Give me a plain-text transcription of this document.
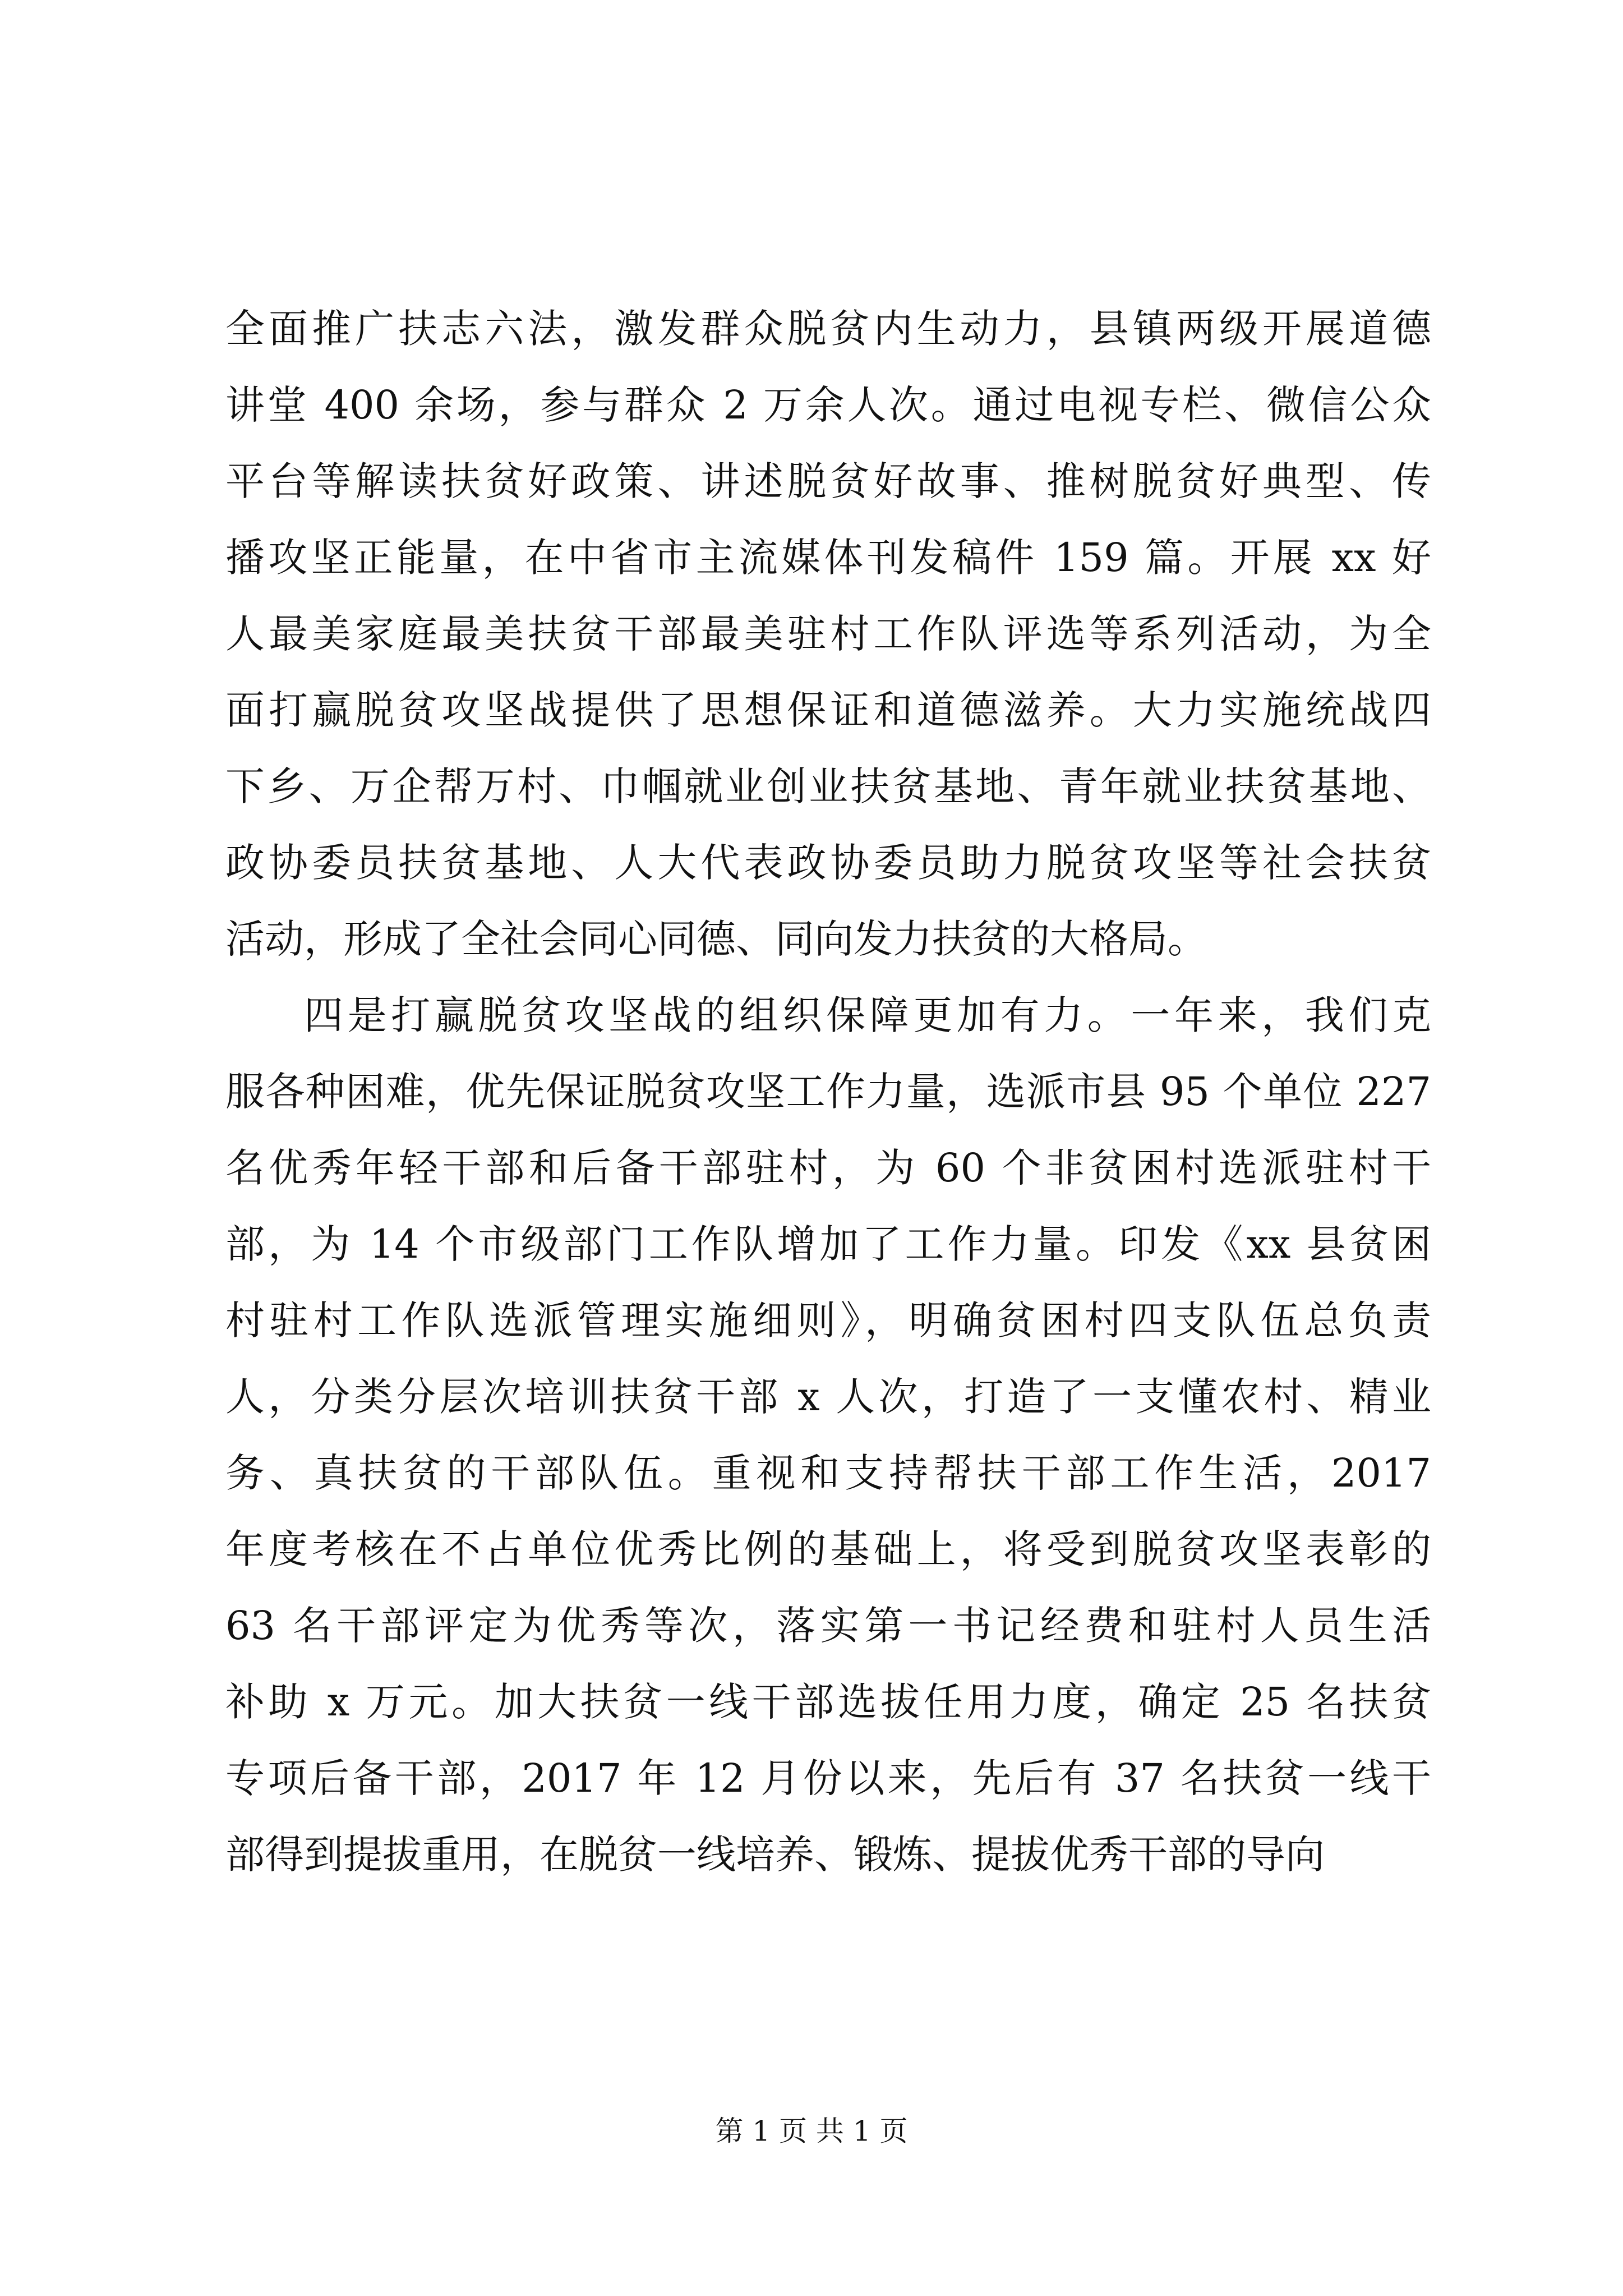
全面推广扶志六法，激发群众脱贫内生动力，县镇两级开展道德
讲堂 400 余场，参与群众 2 万余人次。通过电视专栏、微信公众
平台等解读扶贫好政策、讲述脱贫好故事、推树脱贫好典型、传
播攻坚正能量，在中省市主流媒体刊发稿件 159 篇。开展 xx 好
人最美家庭最美扶贫干部最美驻村工作队评选等系列活动，为全
面打赢脱贫攻坚战提供了思想保证和道德滋养。大力实施统战四
下乡、万企帮万村、巾帼就业创业扶贫基地、青年就业扶贫基地、
政协委员扶贫基地、人大代表政协委员助力脱贫攻坚等社会扶贫
活动，形成了全社会同心同德、同向发力扶贫的大格局。
四是打赢脱贫攻坚战的组织保障更加有力。一年来，我们克
服各种困难，优先保证脱贫攻坚工作力量，选派市县 95 个单位 227
名优秀年轻干部和后备干部驻村，为 60 个非贫困村选派驻村干
部，为 14 个市级部门工作队增加了工作力量。印发《xx 县贫困
村驻村工作队选派管理实施细则》，明确贫困村四支队伍总负责
人，分类分层次培训扶贫干部 x 人次，打造了一支懂农村、精业
务、真扶贫的干部队伍。重视和支持帮扶干部工作生活，2017
年度考核在不占单位优秀比例的基础上，将受到脱贫攻坚表彰的
63 名干部评定为优秀等次，落实第一书记经费和驻村人员生活
补助 x 万元。加大扶贫一线干部选拔任用力度，确定 25 名扶贫
专项后备干部，2017 年 12 月份以来，先后有 37 名扶贫一线干
部得到提拔重用，在脱贫一线培养、锻炼、提拔优秀干部的导向
第 1 页 共 1 页
